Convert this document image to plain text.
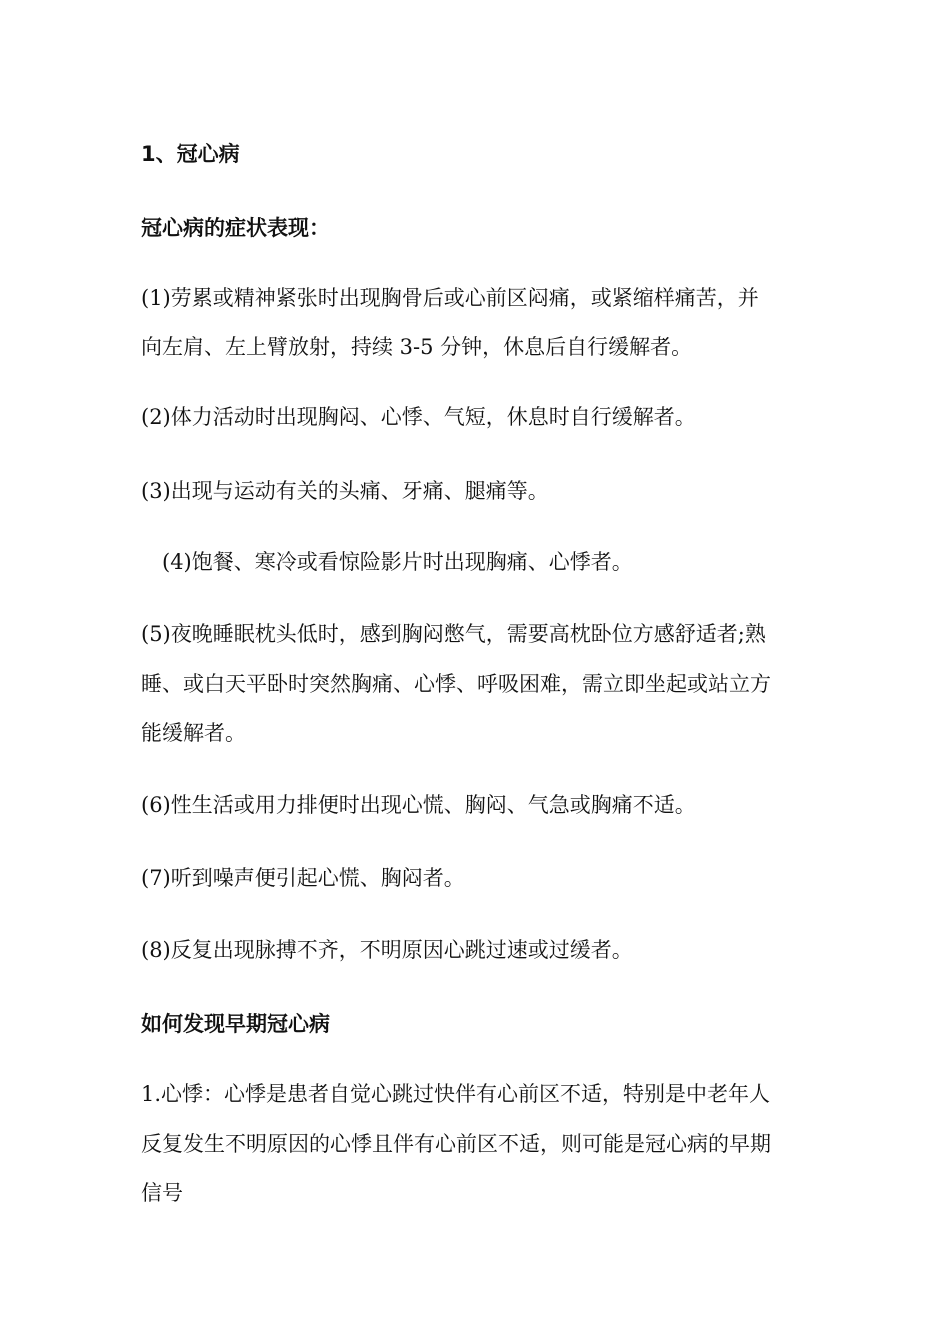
1、冠心病
冠心病的症状表现：
(1)劳累或精神紧张时出现胸骨后或心前区闷痛，或紧缩样痛苦，并
向左肩、左上臂放射，持续 3-5 分钟，休息后自行缓解者。
(2)体力活动时出现胸闷、心悸、气短，休息时自行缓解者。
(3)出现与运动有关的头痛、牙痛、腿痛等。
(4)饱餐、寒冷或看惊险影片时出现胸痛、心悸者。
(5)夜晚睡眠枕头低时，感到胸闷憋气，需要高枕卧位方感舒适者;熟
睡、或白天平卧时突然胸痛、心悸、呼吸困难，需立即坐起或站立方
能缓解者。
(6)性生活或用力排便时出现心慌、胸闷、气急或胸痛不适。
(7)听到噪声便引起心慌、胸闷者。
(8)反复出现脉搏不齐，不明原因心跳过速或过缓者。
如何发现早期冠心病
1.心悸：心悸是患者自觉心跳过快伴有心前区不适，特别是中老年人
反复发生不明原因的心悸且伴有心前区不适，则可能是冠心病的早期
信号
